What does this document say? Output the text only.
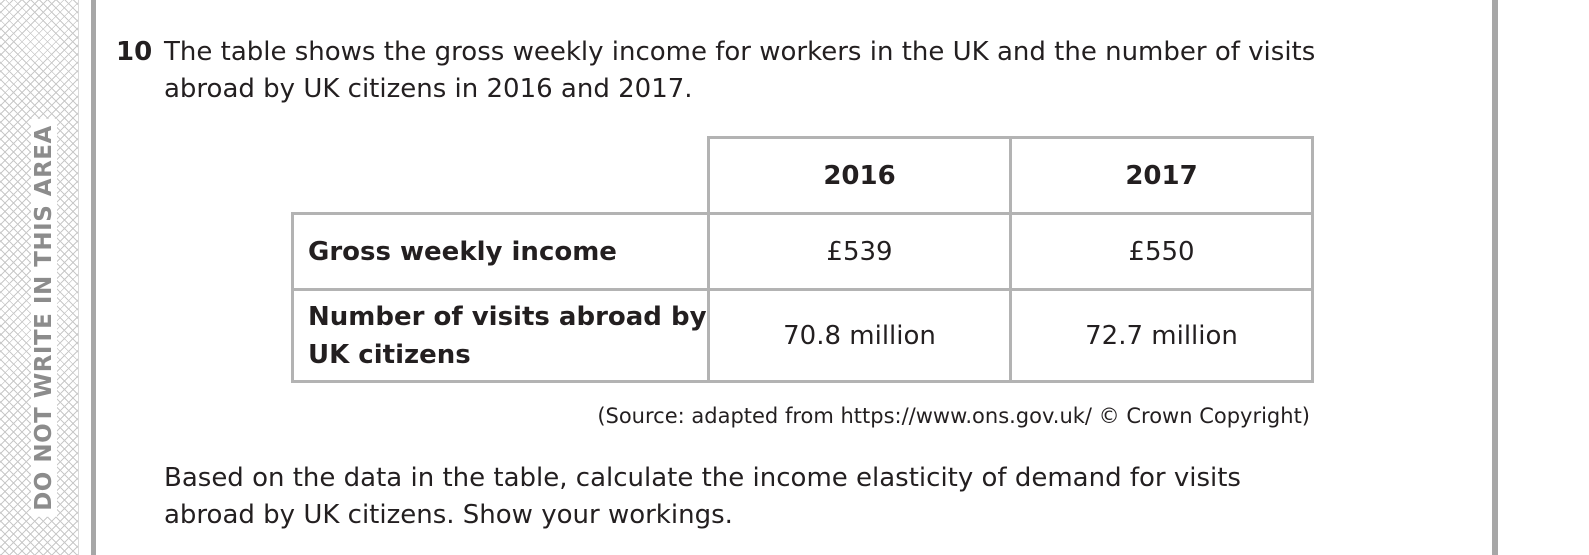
DO NOT WRITE IN THIS AREA
10 The table shows the gross weekly income for workers in the UK and the number of visits abroad by UK citizens in 2016 and 2017.
	2016	2017
Gross weekly income	£539	£550
Number of visits abroad by UK citizens	70.8 million	72.7 million
(Source: adapted from https://www.ons.gov.uk/ © Crown Copyright)
Based on the data in the table, calculate the income elasticity of demand for visits abroad by UK citizens. Show your workings.
